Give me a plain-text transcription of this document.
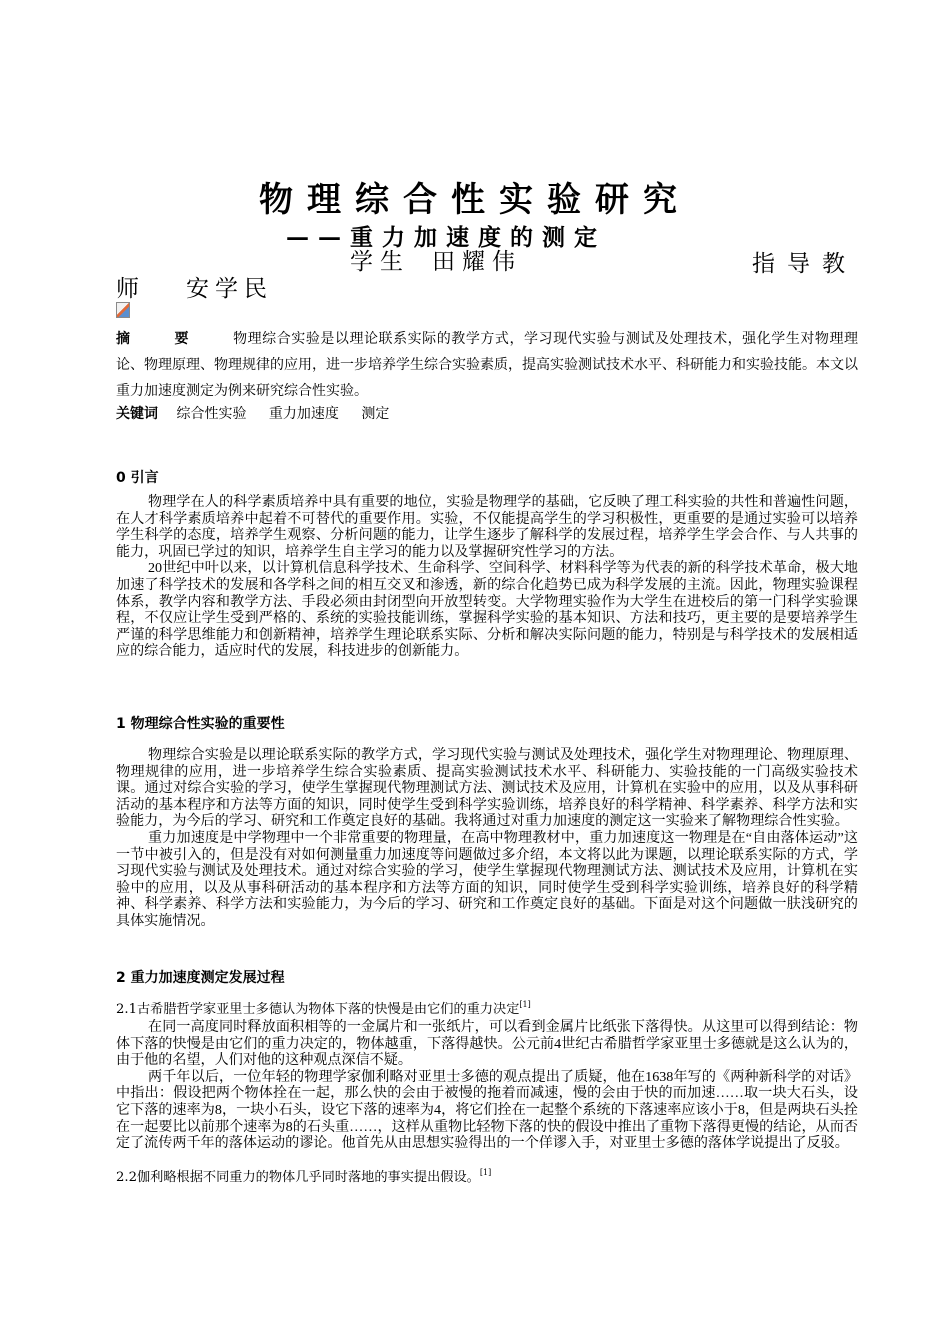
物理综合性实验研究
——重力加速度的测定
学生 田耀伟	指导教
师 安学民

摘要物理综合实验是以理论联系实际的教学方式，学习现代实验与测试及处理技术，强化学生对物理理论、物理原理、物理规律的应用，进一步培养学生综合实验素质，提高实验测试技术水平、科研能力和实验技能。本文以重力加速度测定为例来研究综合性实验。

关键词 综合性实验 重力加速度 测定
0 引言

物理学在人的科学素质培养中具有重要的地位，实验是物理学的基础，它反映了理工科实验的共性和普遍性问题，在人才科学素质培养中起着不可替代的重要作用。实验，不仅能提高学生的学习积极性，更重要的是通过实验可以培养学生科学的态度，培养学生观察、分析问题的能力，让学生逐步了解科学的发展过程，培养学生学会合作、与人共事的能力，巩固已学过的知识，培养学生自主学习的能力以及掌握研究性学习的方法。

20世纪中叶以来，以计算机信息科学技术、生命科学、空间科学、材料科学等为代表的新的科学技术革命，极大地加速了科学技术的发展和各学科之间的相互交叉和渗透，新的综合化趋势已成为科学发展的主流。因此，物理实验课程体系，教学内容和教学方法、手段必须由封闭型向开放型转变。大学物理实验作为大学生在进校后的第一门科学实验课程，不仅应让学生受到严格的、系统的实验技能训练，掌握科学实验的基本知识、方法和技巧，更主要的是要培养学生严谨的科学思维能力和创新精神，培养学生理论联系实际、分析和解决实际问题的能力，特别是与科学技术的发展相适应的综合能力，适应时代的发展，科技进步的创新能力。

1 物理综合性实验的重要性

物理综合实验是以理论联系实际的教学方式，学习现代实验与测试及处理技术，强化学生对物理理论、物理原理、物理规律的应用，进一步培养学生综合实验素质、提高实验测试技术水平、科研能力、实验技能的一门高级实验技术课。通过对综合实验的学习，使学生掌握现代物理测试方法、测试技术及应用，计算机在实验中的应用，以及从事科研活动的基本程序和方法等方面的知识，同时使学生受到科学实验训练，培养良好的科学精神、科学素养、科学方法和实验能力，为今后的学习、研究和工作奠定良好的基础。我将通过对重力加速度的测定这一实验来了解物理综合性实验。

重力加速度是中学物理中一个非常重要的物理量，在高中物理教材中，重力加速度这一物理是在“自由落体运动”这一节中被引入的，但是没有对如何测量重力加速度等问题做过多介绍，本文将以此为课题，以理论联系实际的方式，学习现代实验与测试及处理技术。通过对综合实验的学习，使学生掌握现代物理测试方法、测试技术及应用，计算机在实验中的应用，以及从事科研活动的基本程序和方法等方面的知识，同时使学生受到科学实验训练，培养良好的科学精神、科学素养、科学方法和实验能力，为今后的学习、研究和工作奠定良好的基础。下面是对这个问题做一肤浅研究的具体实施情况。

2 重力加速度测定发展过程
2.1古希腊哲学家亚里士多德认为物体下落的快慢是由它们的重力决定[1]

在同一高度同时释放面积相等的一金属片和一张纸片，可以看到金属片比纸张下落得快。从这里可以得到结论：物体下落的快慢是由它们的重力决定的，物体越重，下落得越快。公元前4世纪古希腊哲学家亚里士多德就是这么认为的，由于他的名望，人们对他的这种观点深信不疑。

两千年以后，一位年轻的物理学家伽利略对亚里士多德的观点提出了质疑，他在1638年写的《两种新科学的对话》中指出：假设把两个物体拴在一起，那么快的会由于被慢的拖着而减速，慢的会由于快的而加速……取一块大石头，设它下落的速率为8，一块小石头，设它下落的速率为4，将它们拴在一起整个系统的下落速率应该小于8，但是两块石头拴在一起要比以前那个速率为8的石头重……，这样从重物比轻物下落的快的假设中推出了重物下落得更慢的结论，从而否定了流传两千年的落体运动的谬论。他首先从由思想实验得出的一个佯谬入手，对亚里士多德的落体学说提出了反驳。

2.2伽利略根据不同重力的物体几乎同时落地的事实提出假设。[1]
